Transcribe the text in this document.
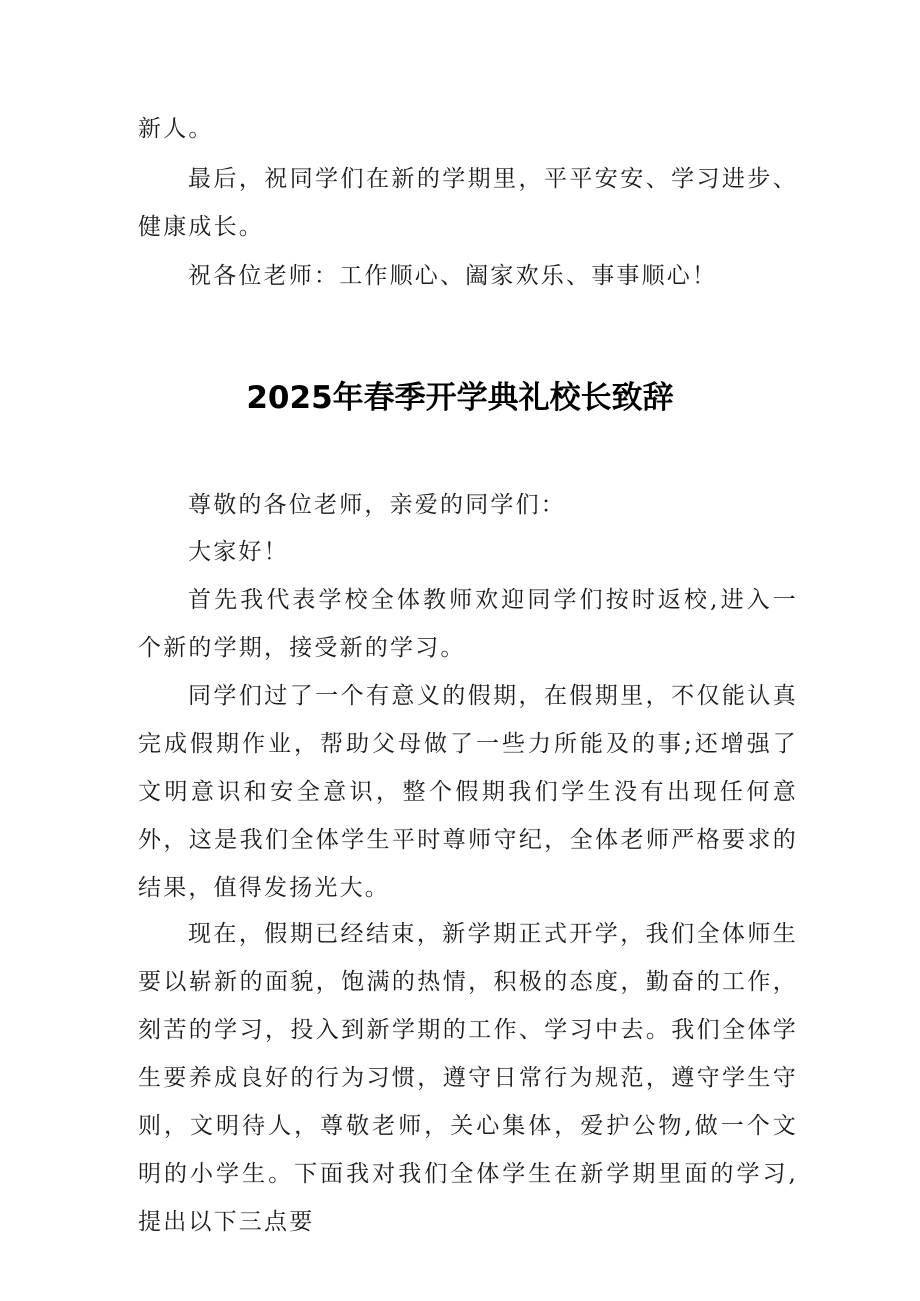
新人。

最后，祝同学们在新的学期里，平平安安、学习进步、健康成长。

祝各位老师：工作顺心、阖家欢乐、事事顺心！

2025年春季开学典礼校长致辞

尊敬的各位老师，亲爱的同学们：

大家好！

首先我代表学校全体教师欢迎同学们按时返校,进入一个新的学期，接受新的学习。

同学们过了一个有意义的假期，在假期里，不仅能认真完成假期作业，帮助父母做了一些力所能及的事;还增强了文明意识和安全意识，整个假期我们学生没有出现任何意外，这是我们全体学生平时尊师守纪，全体老师严格要求的结果，值得发扬光大。

现在，假期已经结束，新学期正式开学，我们全体师生要以崭新的面貌，饱满的热情，积极的态度，勤奋的工作，刻苦的学习，投入到新学期的工作、学习中去。我们全体学生要养成良好的行为习惯，遵守日常行为规范，遵守学生守则，文明待人，尊敬老师，关心集体，爱护公物,做一个文明的小学生。下面我对我们全体学生在新学期里面的学习,提出以下三点要
